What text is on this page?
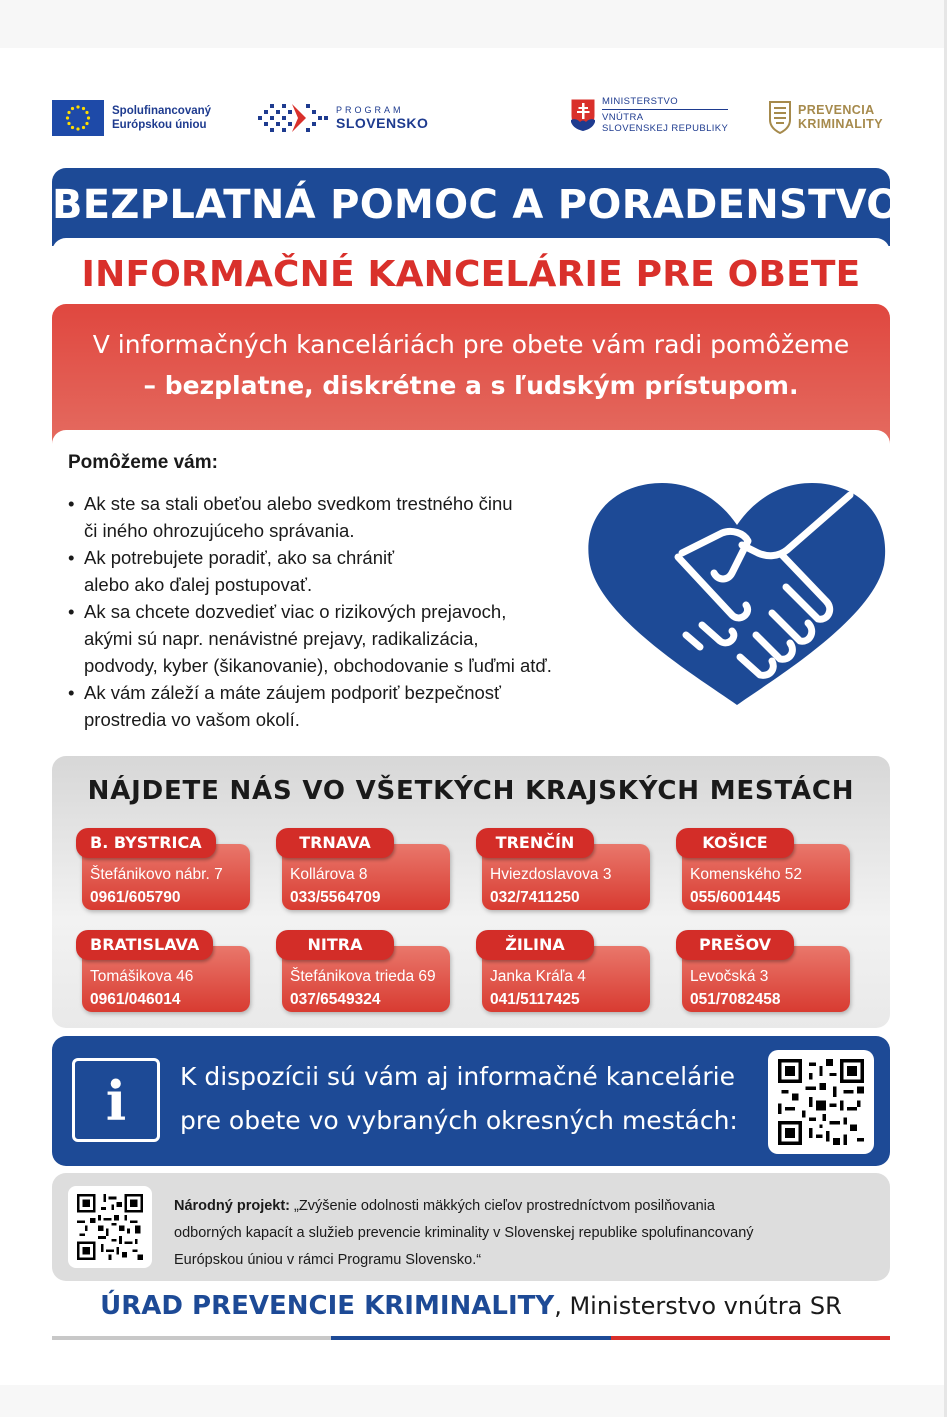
Spolufinancovaný
Európskou úniou
PROGRAM
SLOVENSKO
MINISTERSTVO
VNÚTRA
SLOVENSKEJ REPUBLIKY
PREVENCIA
KRIMINALITY
BEZPLATNÁ POMOC A PORADENSTVO
INFORMAČNÉ KANCELÁRIE PRE OBETE

V informačných kanceláriách pre obete vám radi pomôžeme

– bezplatne, diskrétne a s ľudským prístupom.

Pomôžeme vám:
• Ak ste sa stali obeťou alebo svedkom trestného činu
či iného ohrozujúceho správania.
• Ak potrebujete poradiť, ako sa chrániť
alebo ako ďalej postupovať.
• Ak sa chcete dozvedieť viac o rizikových prejavoch,
akými sú napr. nenávistné prejavy, radikalizácia,
podvody, kyber (šikanovanie), obchodovanie s ľuďmi atď.
• Ak vám záleží a máte záujem podporiť bezpečnosť
prostredia vo vašom okolí.
NÁJDETE NÁS VO VŠETKÝCH KRAJSKÝCH MESTÁCH
B. BYSTRICA
Štefánikovo nábr. 7
0961/605790
TRNAVA
Kollárova 8
033/5564709
TRENČÍN
Hviezdoslavova 3
032/7411250
KOŠICE
Komenského 52
055/6001445
BRATISLAVA
Tomášikova 46
0961/046014
NITRA
Štefánikova trieda 69
037/6549324
ŽILINA
Janka Kráľa 4
041/5117425
PREŠOV
Levočská 3
051/7082458
i	K dispozícii sú vám aj informačné kancelárie

pre obete vo vybraných okresných mestách:

Národný projekt: „Zvýšenie odolnosti mäkkých cieľov prostredníctvom posilňovania
odborných kapacít a služieb prevencie kriminality v Slovenskej republike spolufinancovaný
Európskou úniou v rámci Programu Slovensko.“

ÚRAD PREVENCIE KRIMINALITY, Ministerstvo vnútra SR
